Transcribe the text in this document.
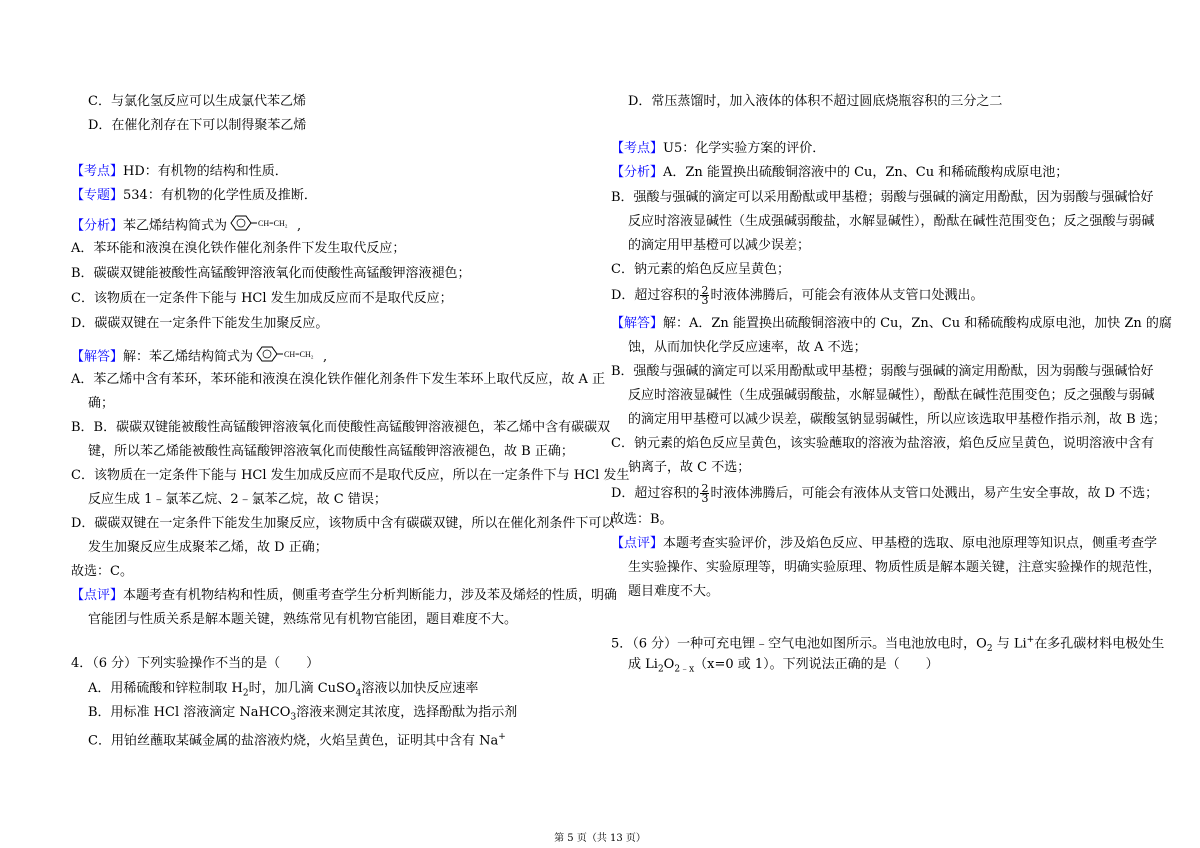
C．与氯化氢反应可以生成氯代苯乙烯
D．在催化剂存在下可以制得聚苯乙烯
【考点】HD：有机物的结构和性质．
【专题】534：有机物的化学性质及推断．
【分析】苯乙烯结构简式为	CH=CH₂ ,
A．苯环能和液溴在溴化铁作催化剂条件下发生取代反应；
B．碳碳双键能被酸性高锰酸钾溶液氧化而使酸性高锰酸钾溶液褪色；
C．该物质在一定条件下能与 HCl 发生加成反应而不是取代反应；
D．碳碳双键在一定条件下能发生加聚反应。
【解答】解：苯乙烯结构简式为	CH=CH₂ ,
A．苯乙烯中含有苯环，苯环能和液溴在溴化铁作催化剂条件下发生苯环上取代反应，故 A 正
确；
B．B．碳碳双键能被酸性高锰酸钾溶液氧化而使酸性高锰酸钾溶液褪色，苯乙烯中含有碳碳双
键，所以苯乙烯能被酸性高锰酸钾溶液氧化而使酸性高锰酸钾溶液褪色，故 B 正确；
C．该物质在一定条件下能与 HCl 发生加成反应而不是取代反应，所以在一定条件下与 HCl 发生
反应生成 1﹣氯苯乙烷、2﹣氯苯乙烷，故 C 错误；
D．碳碳双键在一定条件下能发生加聚反应，该物质中含有碳碳双键，所以在催化剂条件下可以
发生加聚反应生成聚苯乙烯，故 D 正确；
故选：C。
【点评】本题考查有机物结构和性质，侧重考查学生分析判断能力，涉及苯及烯烃的性质，明确
官能团与性质关系是解本题关键，熟练常见有机物官能团，题目难度不大。
4．（6 分）下列实验操作不当的是（　　）
A．用稀硫酸和锌粒制取 $H_2$时，加几滴 CuSO$_4$溶液以加快反应速率
B．用标准 HCl 溶液滴定 NaHCO$_3$溶液来测定其浓度，选择酚酞为指示剂
C．用铂丝蘸取某碱金属的盐溶液灼烧，火焰呈黄色，证明其中含有 Na+
D．常压蒸馏时，加入液体的体积不超过圆底烧瓶容积的三分之二
【考点】U5：化学实验方案的评价．
【分析】A．Zn 能置换出硫酸铜溶液中的 Cu，Zn、Cu 和稀硫酸构成原电池；
B．强酸与强碱的滴定可以采用酚酞或甲基橙；弱酸与强碱的滴定用酚酞，因为弱酸与强碱恰好
反应时溶液显碱性（生成强碱弱酸盐，水解显碱性），酚酞在碱性范围变色；反之强酸与弱碱
的滴定用甲基橙可以减少误差；
C．钠元素的焰色反应呈黄色；
D．超过容积的 $\frac{2}{3}$ 时液体沸腾后，可能会有液体从支管口处溅出。
【解答】解：A．Zn 能置换出硫酸铜溶液中的 Cu，Zn、Cu 和稀硫酸构成原电池，加快 Zn 的腐
蚀，从而加快化学反应速率，故 A 不选；
B．强酸与强碱的滴定可以采用酚酞或甲基橙；弱酸与强碱的滴定用酚酞，因为弱酸与强碱恰好
反应时溶液显碱性（生成强碱弱酸盐，水解显碱性），酚酞在碱性范围变色；反之强酸与弱碱
的滴定用甲基橙可以减少误差，碳酸氢钠显弱碱性，所以应该选取甲基橙作指示剂，故 B 选；
C．钠元素的焰色反应呈黄色，该实验蘸取的溶液为盐溶液，焰色反应呈黄色，说明溶液中含有
钠离子，故 C 不选；
D．超过容积的 $\frac{2}{3}$ 时液体沸腾后，可能会有液体从支管口处溅出，易产生安全事故，故 D 不选；
故选：B。
【点评】本题考查实验评价，涉及焰色反应、甲基橙的选取、原电池原理等知识点，侧重考查学
生实验操作、实验原理等，明确实验原理、物质性质是解本题关键，注意实验操作的规范性，
题目难度不大。
5．（6 分）一种可充电锂﹣空气电池如图所示。当电池放电时，$O_2$ 与 Li+在多孔碳材料电极处生
成 $Li_2O_{2﹣x}(x=0$ 或 1）。下列说法正确的是（　　）
第 5 页（共 13 页）
